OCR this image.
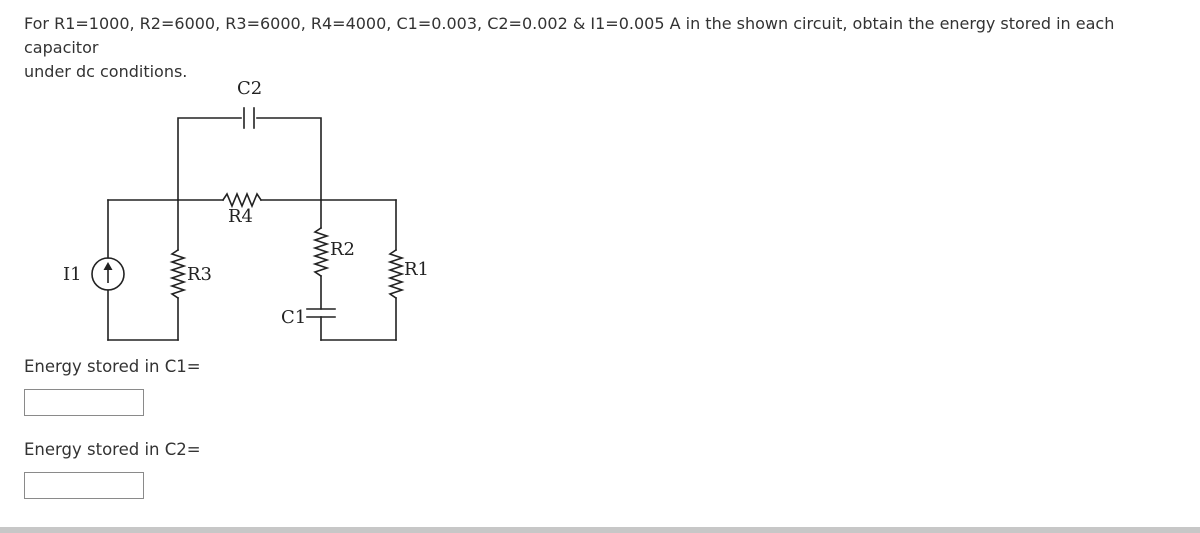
For R1=1000, R2=6000, R3=6000, R4=4000, C1=0.003, C2=0.002 & I1=0.005 A in the shown circuit, obtain the energy stored in each capacitor
under dc conditions.

C2
R4
R2
I1	R3	R1
C1
Energy stored in C1=
Energy stored in C2=
